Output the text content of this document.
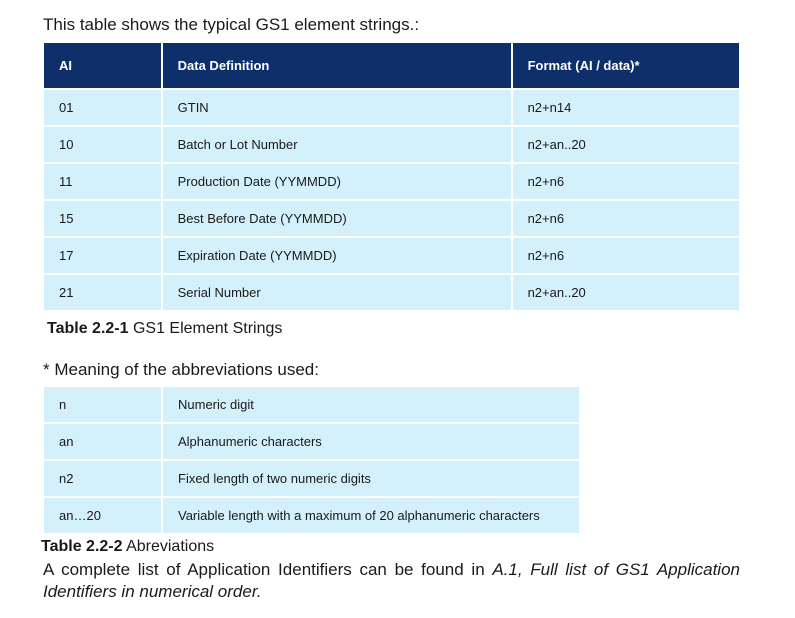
This table shows the typical GS1 element strings.:
AI	Data Definition	Format (AI / data)*
01	GTIN	n2+n14
10	Batch or Lot Number	n2+an..20
11	Production Date (YYMMDD)	n2+n6
15	Best Before Date (YYMMDD)	n2+n6
17	Expiration Date (YYMMDD)	n2+n6
21	Serial Number	n2+an..20
Table 2.2-1 GS1 Element Strings
* Meaning of the abbreviations used:
n	Numeric digit
an	Alphanumeric characters
n2	Fixed length of two numeric digits
an…20	Variable length with a maximum of 20 alphanumeric characters
Table 2.2-2 Abreviations
A complete list of Application Identifiers can be found in A.1, Full list of GS1 Application Identifiers in numerical order.
